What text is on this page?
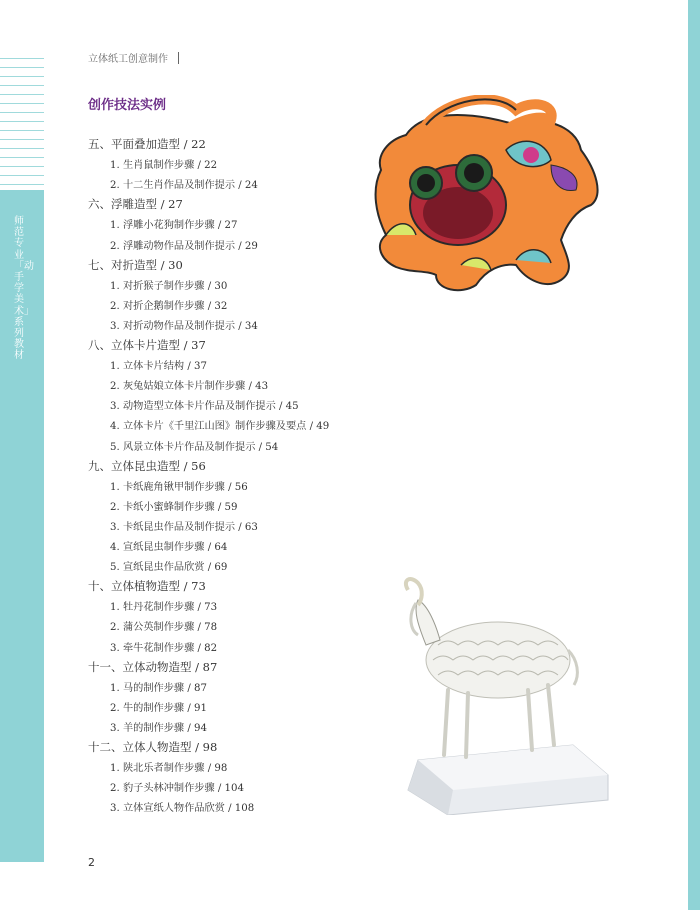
师范专业「动手学美术」系列教材
立体纸工创意制作
创作技法实例
五、平面叠加造型 / 22
1. 生肖鼠制作步骤 / 22
2. 十二生肖作品及制作提示 / 24
六、浮雕造型 / 27
1. 浮雕小花狗制作步骤 / 27
2. 浮雕动物作品及制作提示 / 29
七、对折造型 / 30
1. 对折猴子制作步骤 / 30
2. 对折企鹅制作步骤 / 32
3. 对折动物作品及制作提示 / 34
八、立体卡片造型 / 37
1. 立体卡片结构 / 37
2. 灰兔姑娘立体卡片制作步骤 / 43
3. 动物造型立体卡片作品及制作提示 / 45
4. 立体卡片《千里江山图》制作步骤及要点 / 49
5. 风景立体卡片作品及制作提示 / 54
九、立体昆虫造型 / 56
1. 卡纸鹿角锹甲制作步骤 / 56
2. 卡纸小蜜蜂制作步骤 / 59
3. 卡纸昆虫作品及制作提示 / 63
4. 宣纸昆虫制作步骤 / 64
5. 宣纸昆虫作品欣赏 / 69
十、立体植物造型 / 73
1. 牡丹花制作步骤 / 73
2. 蒲公英制作步骤 / 78
3. 牵牛花制作步骤 / 82
十一、立体动物造型 / 87
1. 马的制作步骤 / 87
2. 牛的制作步骤 / 91
3. 羊的制作步骤 / 94
十二、立体人物造型 / 98
1. 陕北乐者制作步骤 / 98
2. 豹子头林冲制作步骤 / 104
3. 立体宣纸人物作品欣赏 / 108
2
